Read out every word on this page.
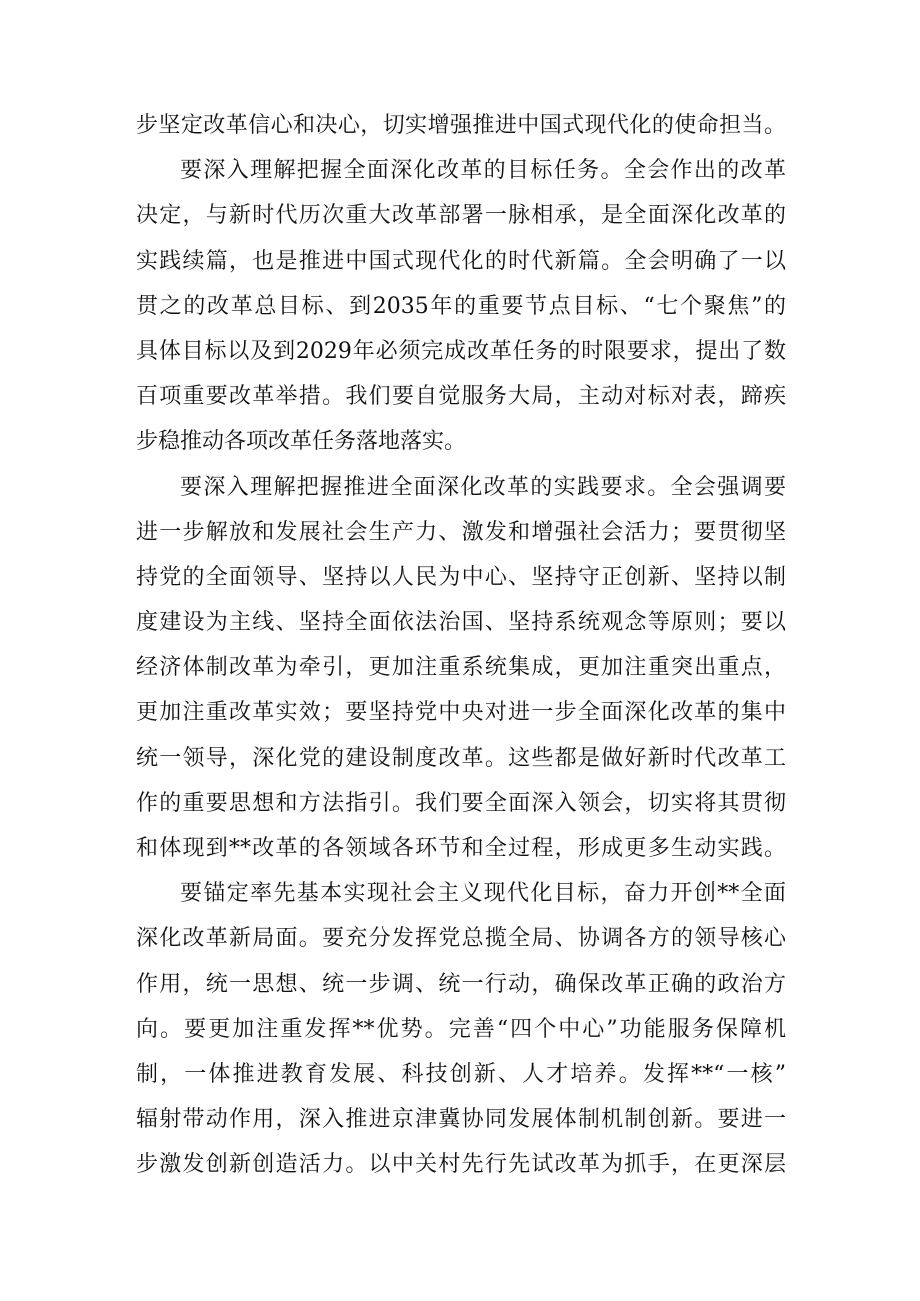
步坚定改革信心和决心，切实增强推进中国式现代化的使命担当。
要深入理解把握全面深化改革的目标任务。全会作出的改革
决定，与新时代历次重大改革部署一脉相承，是全面深化改革的
实践续篇，也是推进中国式现代化的时代新篇。全会明确了一以
贯之的改革总目标、到2035年的重要节点目标、“七个聚焦”的
具体目标以及到2029年必须完成改革任务的时限要求，提出了数
百项重要改革举措。我们要自觉服务大局，主动对标对表，蹄疾
步稳推动各项改革任务落地落实。
要深入理解把握推进全面深化改革的实践要求。全会强调要
进一步解放和发展社会生产力、激发和增强社会活力；要贯彻坚
持党的全面领导、坚持以人民为中心、坚持守正创新、坚持以制
度建设为主线、坚持全面依法治国、坚持系统观念等原则；要以
经济体制改革为牵引，更加注重系统集成，更加注重突出重点，
更加注重改革实效；要坚持党中央对进一步全面深化改革的集中
统一领导，深化党的建设制度改革。这些都是做好新时代改革工
作的重要思想和方法指引。我们要全面深入领会，切实将其贯彻
和体现到**改革的各领域各环节和全过程，形成更多生动实践。
要锚定率先基本实现社会主义现代化目标，奋力开创**全面
深化改革新局面。要充分发挥党总揽全局、协调各方的领导核心
作用，统一思想、统一步调、统一行动，确保改革正确的政治方
向。要更加注重发挥**优势。完善“四个中心”功能服务保障机
制，一体推进教育发展、科技创新、人才培养。发挥**“一核”
辐射带动作用，深入推进京津冀协同发展体制机制创新。要进一
步激发创新创造活力。以中关村先行先试改革为抓手，在更深层
